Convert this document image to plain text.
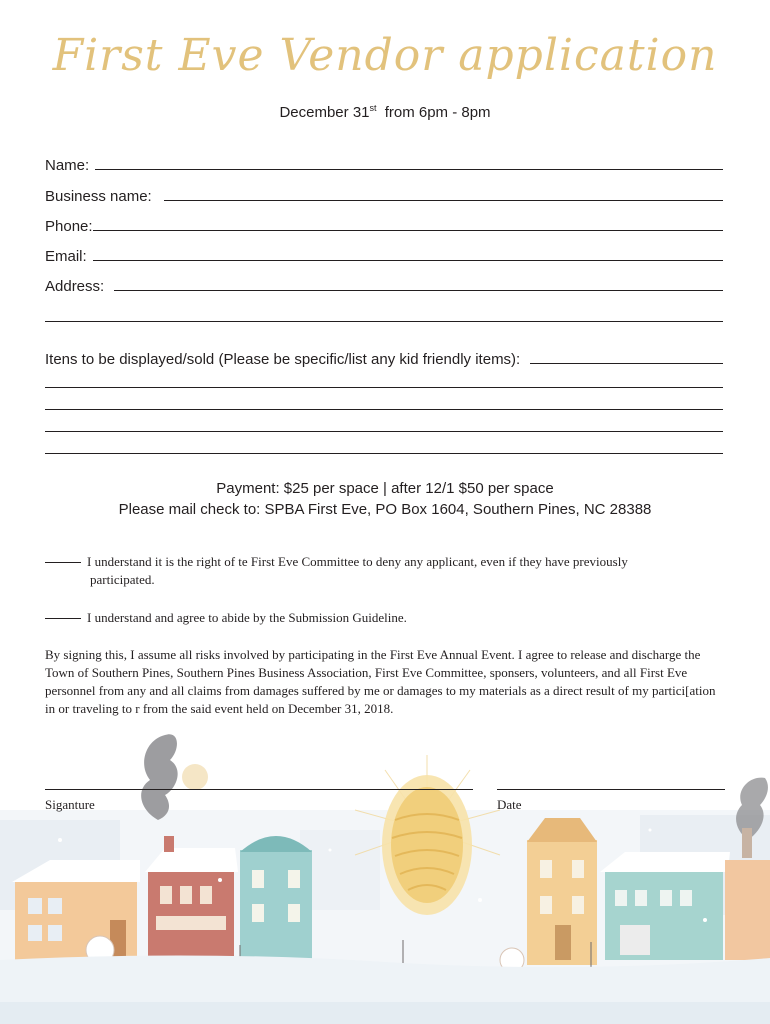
First Eve Vendor application
December 31st from 6pm - 8pm
Name:
Business name:
Phone:
Email:
Address:
Itens to be displayed/sold (Please be specific/list any kid friendly items):
Payment: $25 per space | after 12/1 $50 per space
Please mail check to: SPBA First Eve, PO Box 1604, Southern Pines, NC 28388
I understand it is the right of te First Eve Committee to deny any applicant, even if they have previously
participated.
I understand and agree to abide by the Submission Guideline.
By signing this, I assume all risks involved by participating in the First Eve Annual Event. I agree to release and discharge the Town of Southern Pines, Southern Pines Business Association, First Eve Committee, sponsers, volunteers, and all First Eve personnel from any and all claims from damages suffered by me or damages to my materials as a direct result of my partici[ation in or traveling to r from the said event held on December 31, 2018.
Siganture	Date
